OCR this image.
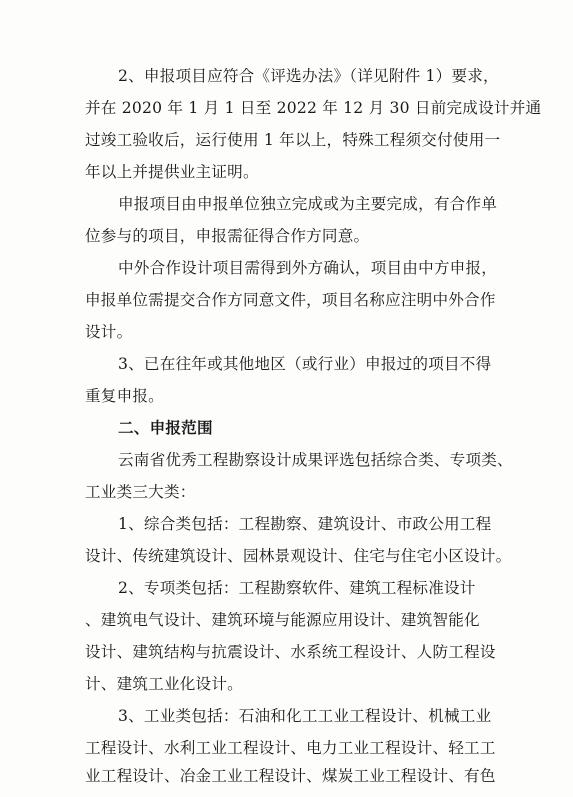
2、申报项目应符合《评选办法》（详见附件 1）要求，
并在 2020 年 1 月 1 日至 2022 年 12 月 30 日前完成设计并通
过竣工验收后，运行使用 1 年以上，特殊工程须交付使用一
年以上并提供业主证明。
申报项目由申报单位独立完成或为主要完成，有合作单
位参与的项目，申报需征得合作方同意。
中外合作设计项目需得到外方确认，项目由中方申报，
申报单位需提交合作方同意文件，项目名称应注明中外合作
设计。
3、已在往年或其他地区（或行业）申报过的项目不得
重复申报。
二、申报范围
云南省优秀工程勘察设计成果评选包括综合类、专项类、
工业类三大类：
1、综合类包括：工程勘察、建筑设计、市政公用工程
设计、传统建筑设计、园林景观设计、住宅与住宅小区设计。
2、专项类包括：工程勘察软件、建筑工程标准设计
、建筑电气设计、建筑环境与能源应用设计、建筑智能化
设计、建筑结构与抗震设计、水系统工程设计、人防工程设
计、建筑工业化设计。
3、工业类包括：石油和化工工业工程设计、机械工业
工程设计、水利工业工程设计、电力工业工程设计、轻工工
业工程设计、冶金工业工程设计、煤炭工业工程设计、有色
